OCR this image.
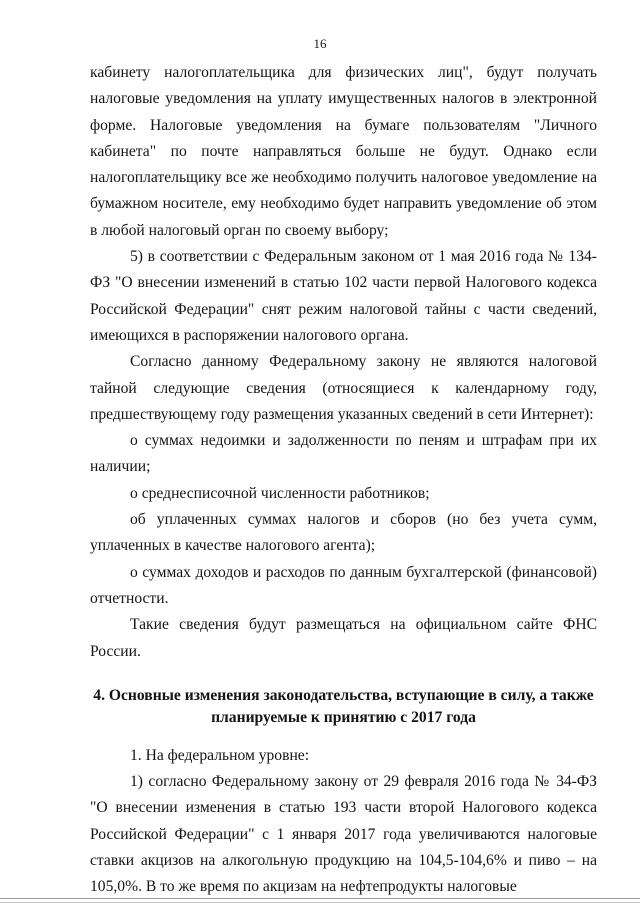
16

кабинету налогоплательщика для физических лиц", будут получать налоговые уведомления на уплату имущественных налогов в электронной форме. Налоговые уведомления на бумаге пользователям "Личного кабинета" по почте направляться больше не будут. Однако если налогоплательщику все же необходимо получить налоговое уведомление на бумажном носителе, ему необходимо будет направить уведомление об этом в любой налоговый орган по своему выбору;

5) в соответствии с Федеральным законом от 1 мая 2016 года № 134-ФЗ "О внесении изменений в статью 102 части первой Налогового кодекса Российской Федерации" снят режим налоговой тайны с части сведений, имеющихся в распоряжении налогового органа.

Согласно данному Федеральному закону не являются налоговой тайной следующие сведения (относящиеся к календарному году, предшествующему году размещения указанных сведений в сети Интернет):

о суммах недоимки и задолженности по пеням и штрафам при их наличии;

о среднесписочной численности работников;

об уплаченных суммах налогов и сборов (но без учета сумм, уплаченных в качестве налогового агента);

о суммах доходов и расходов по данным бухгалтерской (финансовой) отчетности.

Такие сведения будут размещаться на официальном сайте ФНС России.

4. Основные изменения законодательства, вступающие в силу, а также
планируемые к принятию с 2017 года

1. На федеральном уровне:

1) согласно Федеральному закону от 29 февраля 2016 года № 34-ФЗ "О внесении изменения в статью 193 части второй Налогового кодекса Российской Федерации" с 1 января 2017 года увеличиваются налоговые ставки акцизов на алкогольную продукцию на 104,5-104,6% и пиво – на 105,0%. В то же время по акцизам на нефтепродукты налоговые
